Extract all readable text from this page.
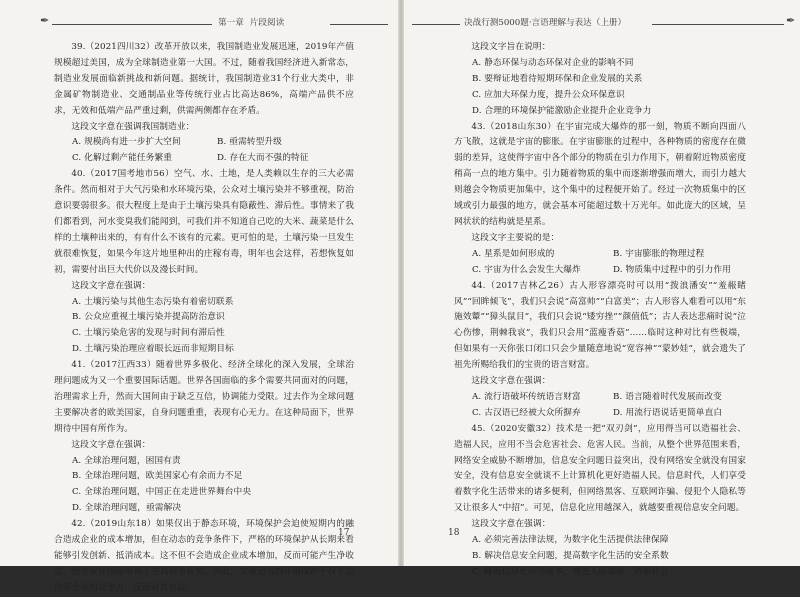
✒	第一章 片段阅读

39.（2021四川32）改革开放以来，我国制造业发展迅速，2019年产值规模超过美国，成为全球制造业第一大国。不过，随着我国经济进入新常态，制造业发展面临新挑战和新问题。据统计，我国制造业31个行业大类中，非金属矿物制造业、交通制品业等传统行业占比高达86%，高端产品供不应求，无效和低端产品严重过剩，供需两侧都存在矛盾。

这段文字意在强调我国制造业：

A. 规模尚有进一步扩大空间	B. 亟需转型升级
C. 化解过剩产能任务繁重	D. 存在大而不强的特征

40.（2017国考地市56）空气、水、土地，是人类赖以生存的三大必需条件。然而相对于大气污染和水环境污染，公众对土壤污染并不够重视，防治意识要弱很多。很大程度上是由于土壤污染具有隐蔽性、滞后性。事情来了我们都看到，河水变臭我们能闻到，可我们并不知道自己吃的大米、蔬菜是什么样的土壤种出来的，有有什么不该有的元素。更可怕的是，土壤污染一旦发生就很难恢复，如果今年这片地里种出的庄稼有毒，明年也会这样，若想恢复如初，需要付出巨大代价以及漫长时间。

这段文字意在强调：

A. 土壤污染与其他生态污染有着密切联系
B. 公众应重视土壤污染并提高防治意识
C. 土壤污染危害的发现与时间有滞后性
D. 土壤污染治理应着眼长远而非短期目标

41.（2017江西33）随着世界多极化、经济全球化的深入发展，全球治理问题成为又一个重要国际话题。世界各国面临的多个需要共同面对的问题，治理需求上升，然而大国间由于缺乏互信，协调能力受限。过去作为全球问题主要解决者的欧美国家，自身问题重重，表现有心无力。在这种局面下，世界期待中国有所作为。

这段文字意在强调：

A. 全球治理问题，困国有责
B. 全球治理问题，欧美国家心有余而力不足
C. 全球治理问题，中国正在走进世界舞台中央
D. 全球治理问题，亟需解决

42.（2019山东18）如果仅出于静态环境，环境保护会迫使短期内的融合造成企业的成本增加，但在动态的竞争条件下，严格的环境保护从长期来看能够引发创新、抵消成本。这不但不会造成企业成本增加，反而可能产生净收益，使企业在国际市场上更具竞争优势。因此，实施适当的环境保护不仅不会伤害企业的竞争力，反而对其有益。

17
决战行测5000题·言语理解与表达（上册）	✒

这段文字旨在说明：

A. 静态环保与动态环保对企业的影响不同
B. 要辩证地看待短期环保和企业发展的关系
C. 应加大环保力度，提升公众环保意识
D. 合理的环境保护能激励企业提升企业竞争力

43.（2018山东30）在宇宙完成大爆炸的那一刻，物质不断向四面八方飞散，这就是宇宙的膨胀。在宇宙膨胀的过程中，各种物质的密度存在微弱的差异，这使得宇宙中各个部分的物质在引力作用下，朝着附近物质密度稍高一点的地方集中。引力随着物质的集中而逐渐增强而增大，而引力越大则越会令物质更加集中，这个集中的过程便开始了。经过一次物质集中的区域或引力最强的地方，就会基本可能超过数十万光年。如此庞大的区域，呈网状状的结构就是星系。

这段文字主要说的是：

A. 星系是如何形成的	B. 宇宙膨胀的物理过程
C. 宇宙为什么会发生大爆炸	D. 物质集中过程中的引力作用

44.（2017吉林乙26）古人形容漂亮时可以用“拨浪潘安”“羞赧睹风”“回眸倾飞”，我们只会说“高富帅”“白富美”；古人形容人难看可以用“东施效颦”“獐头鼠目”，我们只会说“矮穷挫”“颜值低”；古人表达悲痛时说“泣心伤惨，荆棘我哀”，我们只会用“蓝瘦香菇”……临时这种对比有些极端，但如果有一天你张口闭口只会少量随意地说“宽容神”“蒙妙娃”，就会遗失了祖先所赐给我们的宝贵的语言财富。

这段文字意在强调：

A. 流行语破坏传统语言财富	B. 语言随着时代发展而改变
C. 古汉语已经被大众所摒弃	D. 用流行语说话更简单直白

45.（2020安徽32）技术是一把“双刃剑”，应用得当可以造福社会、造福人民，应用不当会危害社会、危害人民。当前，从整个世界范围来看，网络安全威胁不断增加，信息安全问题日益突出，没有网络安全就没有国家安全，没有信息安全就谈不上计算机化更好造福人民。信息时代，人们享受着数字化生活带来的诸多便利，但网络黑客、互联网诈骗、侵犯个人隐私等又让很多人“中招”。可见，信息化应用越深入，就越要重视信息安全问题。

这段文字意在强调：

A. 必须完善法律法规，为数字化生活提供法律保障
B. 解决信息安全问题，提高数字化生活的安全系数
C. 降低信息化应用成本，增进人民福祉、造福社会
18
